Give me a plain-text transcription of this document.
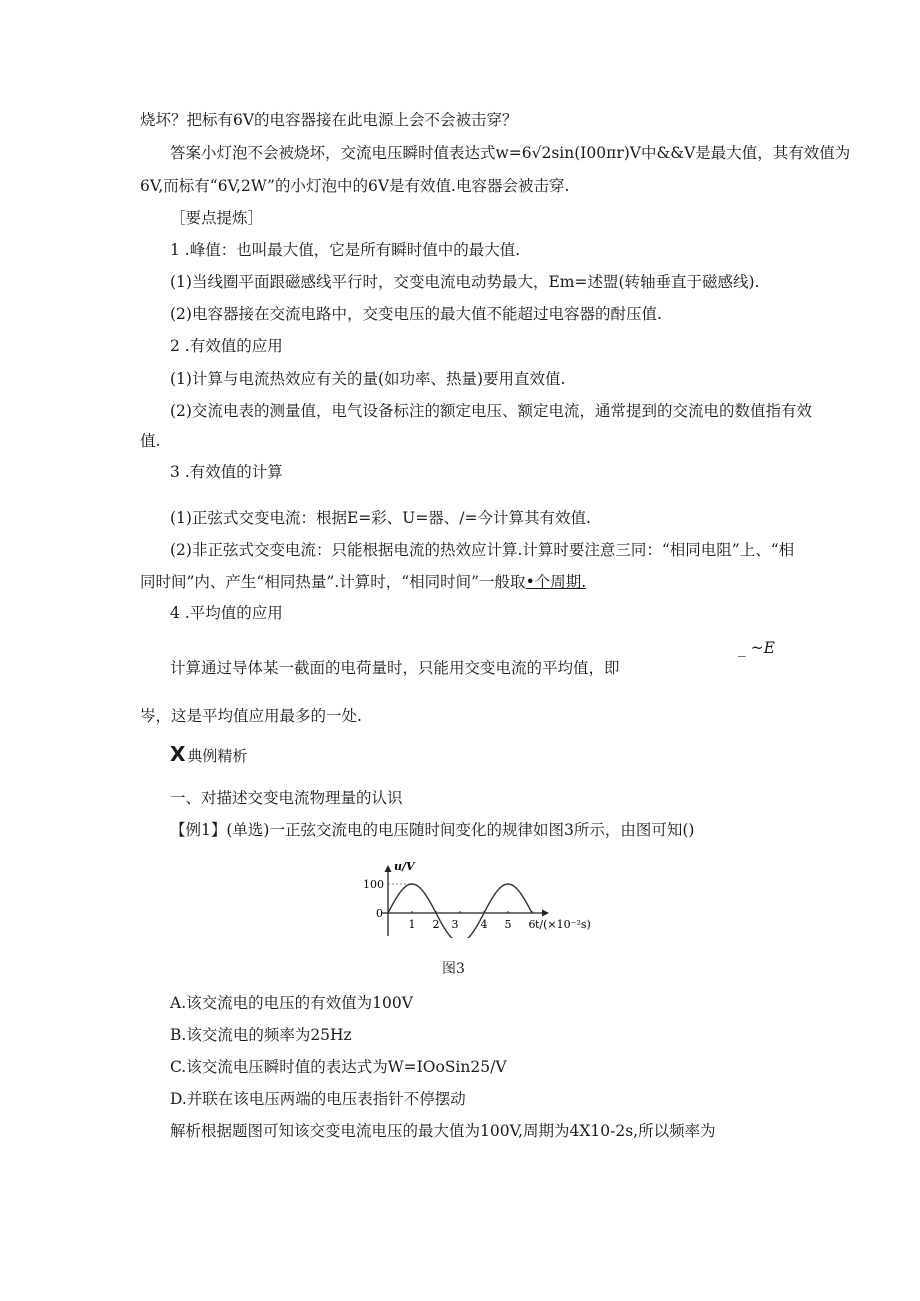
烧坏？把标有6V的电容器接在此电源上会不会被击穿？
答案小灯泡不会被烧坏，交流电压瞬时值表达式w=6√2sin(I00πr)V中&&V是最大值，其有效值为
6V,而标有“6V,2W”的小灯泡中的6V是有效值.电容器会被击穿.
［要点提炼］
1 .峰值：也叫最大值，它是所有瞬时值中的最大值.
(1)当线圈平面跟磁感线平行时，交变电流电动势最大，Em=述盟(转轴垂直于磁感线).
(2)电容器接在交流电路中，交变电压的最大值不能超过电容器的酎压值.
2 .有效值的应用
(1)计算与电流热效应有关的量(如功率、热量)要用直效值.
(2)交流电表的测量值，电气设备标注的额定电压、额定电流，通常提到的交流电的数值指有效
值.
3 .有效值的计算
(1)正弦式交变电流：根据E=彩、U=器、/=今计算其有效值.
(2)非正弦式交变电流：只能根据电流的热效应计算.计算时要注意三同：“相同电阻”上、“相
同时间”内、产生“相同热量”.计算时，“相同时间”一般取•个周期.
4 .平均值的应用
_ ~E
计算通过导体某一截面的电荷量时，只能用交变电流的平均值，即
岑，这是平均值应用最多的一处.
X 典例精析
一、对描述交变电流物理量的认识
【例1】(单选)一正弦交流电的电压随时间变化的规律如图3所示，由图可知()
u/V
100
0
1 2 3 4 5 6 t/(×10⁻²s)
图3
A.该交流电的电压的有效值为100V
B.该交流电的频率为25Hz
C.该交流电压瞬时值的表达式为W=IOoSin25/V
D.并联在该电压两端的电压表指针不停摆动
解析根据题图可知该交变电流电压的最大值为100V,周期为4X10-2s,所以频率为
